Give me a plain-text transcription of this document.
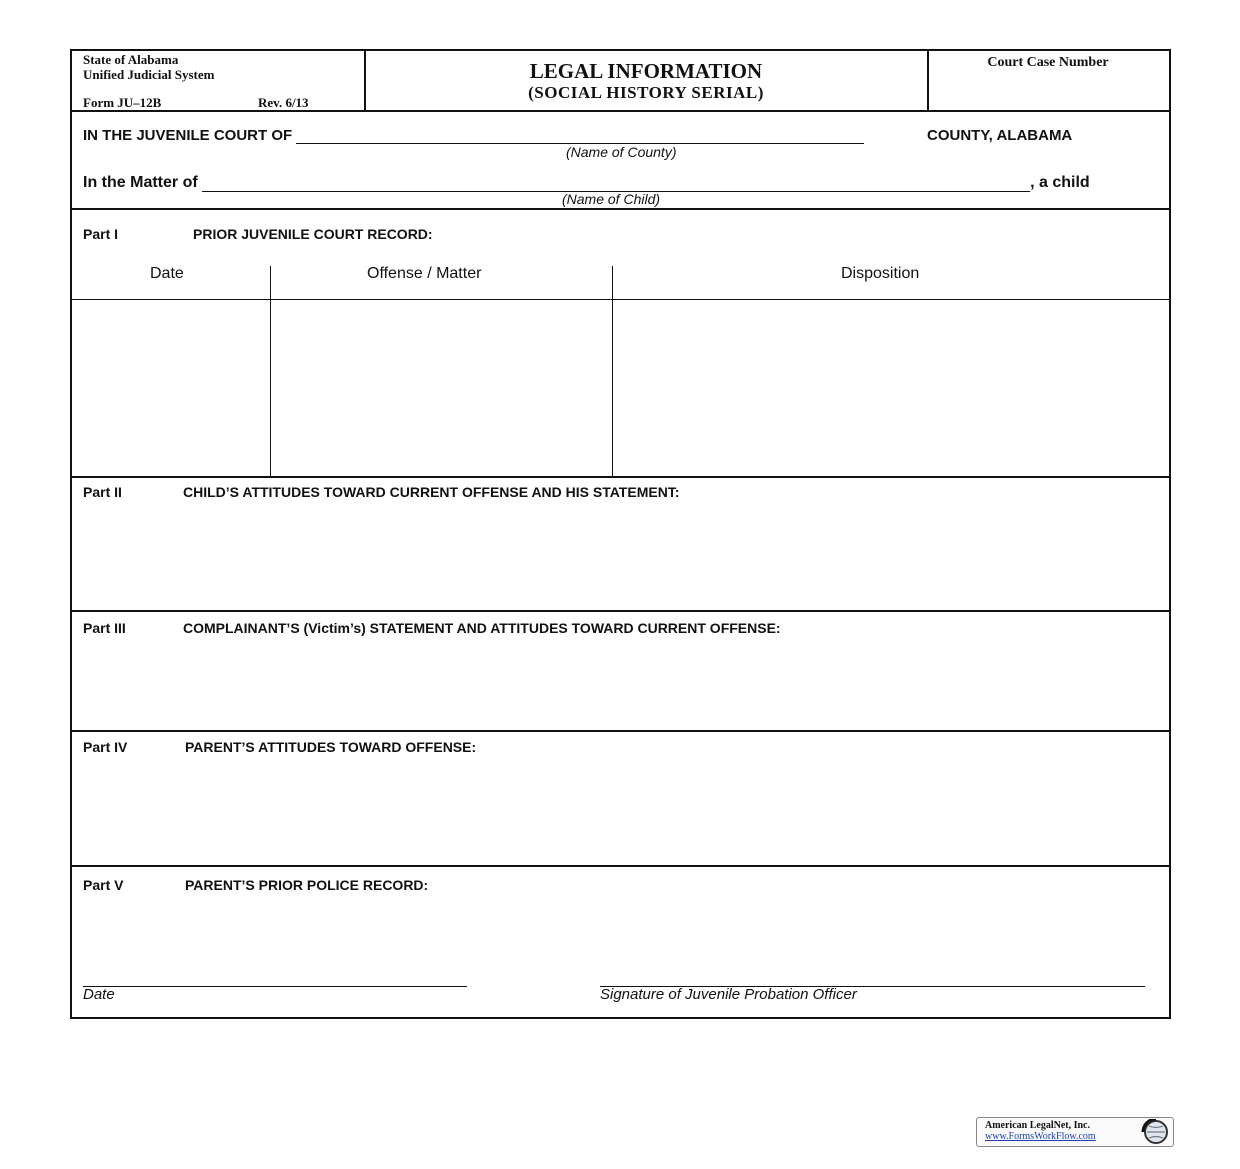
State of Alabama
Unified Judicial System
Form JU–12B	Rev. 6/13
LEGAL INFORMATION
(SOCIAL HISTORY SERIAL)
Court Case Number
IN THE JUVENILE COURT OF	COUNTY, ALABAMA
(Name of County)
In the Matter of	, a child
(Name of Child)
Part I	PRIOR JUVENILE COURT RECORD:
Date	Offense / Matter	Disposition
Part II	CHILD’S ATTITUDES TOWARD CURRENT OFFENSE AND HIS STATEMENT:
Part III	COMPLAINANT’S (Victim’s) STATEMENT AND ATTITUDES TOWARD CURRENT OFFENSE:
Part IV	PARENT’S ATTITUDES TOWARD OFFENSE:
Part V	PARENT’S PRIOR POLICE RECORD:
Date	Signature of Juvenile Probation Officer
American LegalNet, Inc.
www.FormsWorkFlow.com
